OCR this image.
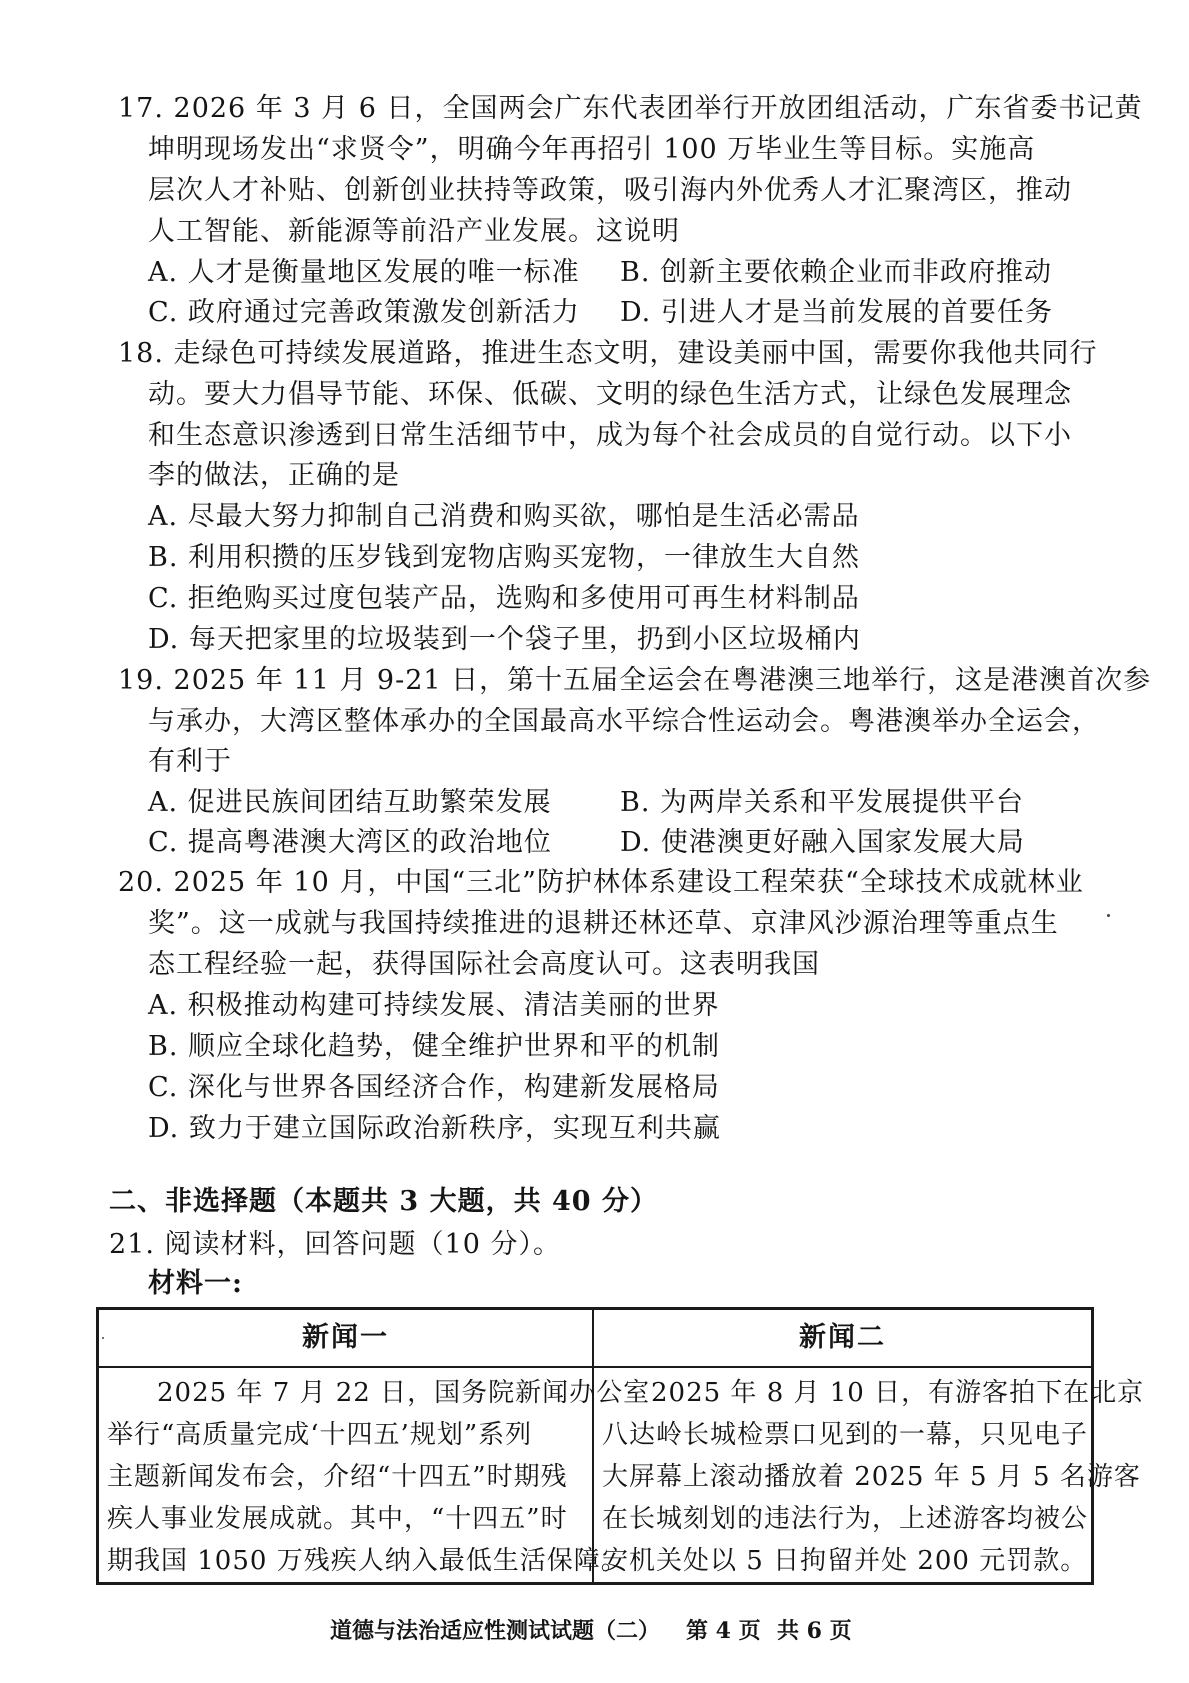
17. 2026 年 3 月 6 日，全国两会广东代表团举行开放团组活动，广东省委书记黄
坤明现场发出“求贤令”，明确今年再招引 100 万毕业生等目标。实施高
层次人才补贴、创新创业扶持等政策，吸引海内外优秀人才汇聚湾区，推动
人工智能、新能源等前沿产业发展。这说明
A. 人才是衡量地区发展的唯一标准 B. 创新主要依赖企业而非政府推动
C. 政府通过完善政策激发创新活力 D. 引进人才是当前发展的首要任务
18. 走绿色可持续发展道路，推进生态文明，建设美丽中国，需要你我他共同行
动。要大力倡导节能、环保、低碳、文明的绿色生活方式，让绿色发展理念
和生态意识渗透到日常生活细节中，成为每个社会成员的自觉行动。以下小
李的做法，正确的是
A. 尽最大努力抑制自己消费和购买欲，哪怕是生活必需品
B. 利用积攒的压岁钱到宠物店购买宠物，一律放生大自然
C. 拒绝购买过度包装产品，选购和多使用可再生材料制品
D. 每天把家里的垃圾装到一个袋子里，扔到小区垃圾桶内
19. 2025 年 11 月 9-21 日，第十五届全运会在粤港澳三地举行，这是港澳首次参
与承办，大湾区整体承办的全国最高水平综合性运动会。粤港澳举办全运会，
有利于
A. 促进民族间团结互助繁荣发展	B. 为两岸关系和平发展提供平台
C. 提高粤港澳大湾区的政治地位	D. 使港澳更好融入国家发展大局
20. 2025 年 10 月，中国“三北”防护林体系建设工程荣获“全球技术成就林业
奖”。这一成就与我国持续推进的退耕还林还草、京津风沙源治理等重点生
态工程经验一起，获得国际社会高度认可。这表明我国
A. 积极推动构建可持续发展、清洁美丽的世界
B. 顺应全球化趋势，健全维护世界和平的机制
C. 深化与世界各国经济合作，构建新发展格局
D. 致力于建立国际政治新秩序，实现互利共赢
二、非选择题（本题共 3 大题，共 40 分）
21. 阅读材料，回答问题（10 分）。
材料一:
新闻一	新闻二
2025 年 7 月 22 日，国务院新闻办公室
举行“高质量完成‘十四五’规划”系列
主题新闻发布会，介绍“十四五”时期残
疾人事业发展成就。其中，“十四五”时
期我国 1050 万残疾人纳入最低生活保障。
2025 年 8 月 10 日，有游客拍下在北京
八达岭长城检票口见到的一幕，只见电子
大屏幕上滚动播放着 2025 年 5 月 5 名游客
在长城刻划的违法行为，上述游客均被公
安机关处以 5 日拘留并处 200 元罚款。
道德与法治适应性测试试题（二） 第 4 页 共 6 页
